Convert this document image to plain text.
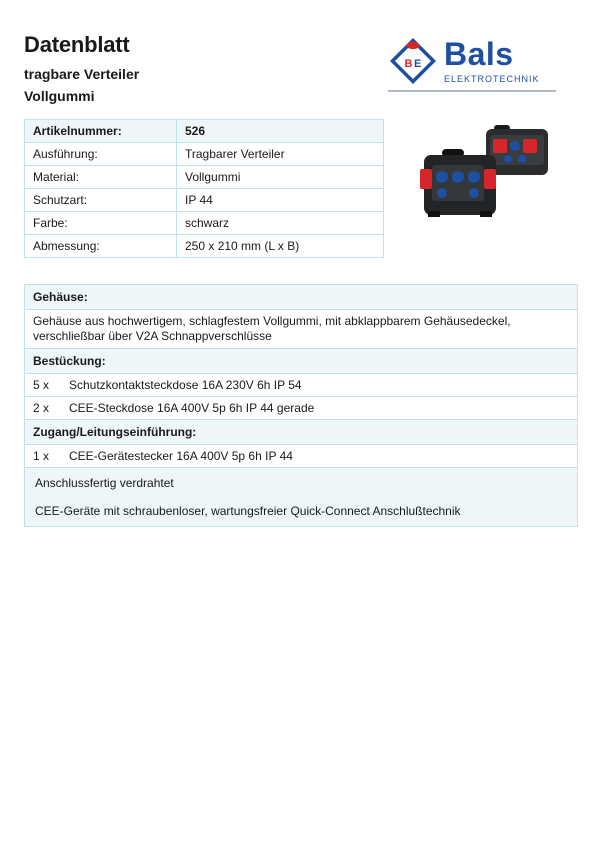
Datenblatt
tragbare Verteiler
Vollgummi
B E Bals
ELEKTROTECHNIK
Artikelnummer:	526
Ausführung:	Tragbarer Verteiler
Material:	Vollgummi
Schutzart:	IP 44
Farbe:	schwarz
Abmessung:	250 x 210 mm (L x B)
Gehäuse:	
Gehäuse aus hochwertigem, schlagfestem Vollgummi, mit abklappbarem Gehäusedeckel, verschließbar über V2A Schnappverschlüsse	
Bestückung:	
5 x	Schutzkontaktsteckdose 16A 230V 6h IP 54
2 x	CEE-Steckdose 16A 400V 5p 6h IP 44 gerade
Zugang/Leitungseinführung:	
1 x	CEE-Gerätestecker 16A 400V 5p 6h IP 44

Anschlussfertig verdrahtet
CEE-Geräte mit schraubenloser, wartungsfreier Quick-Connect Anschlußtechnik	
